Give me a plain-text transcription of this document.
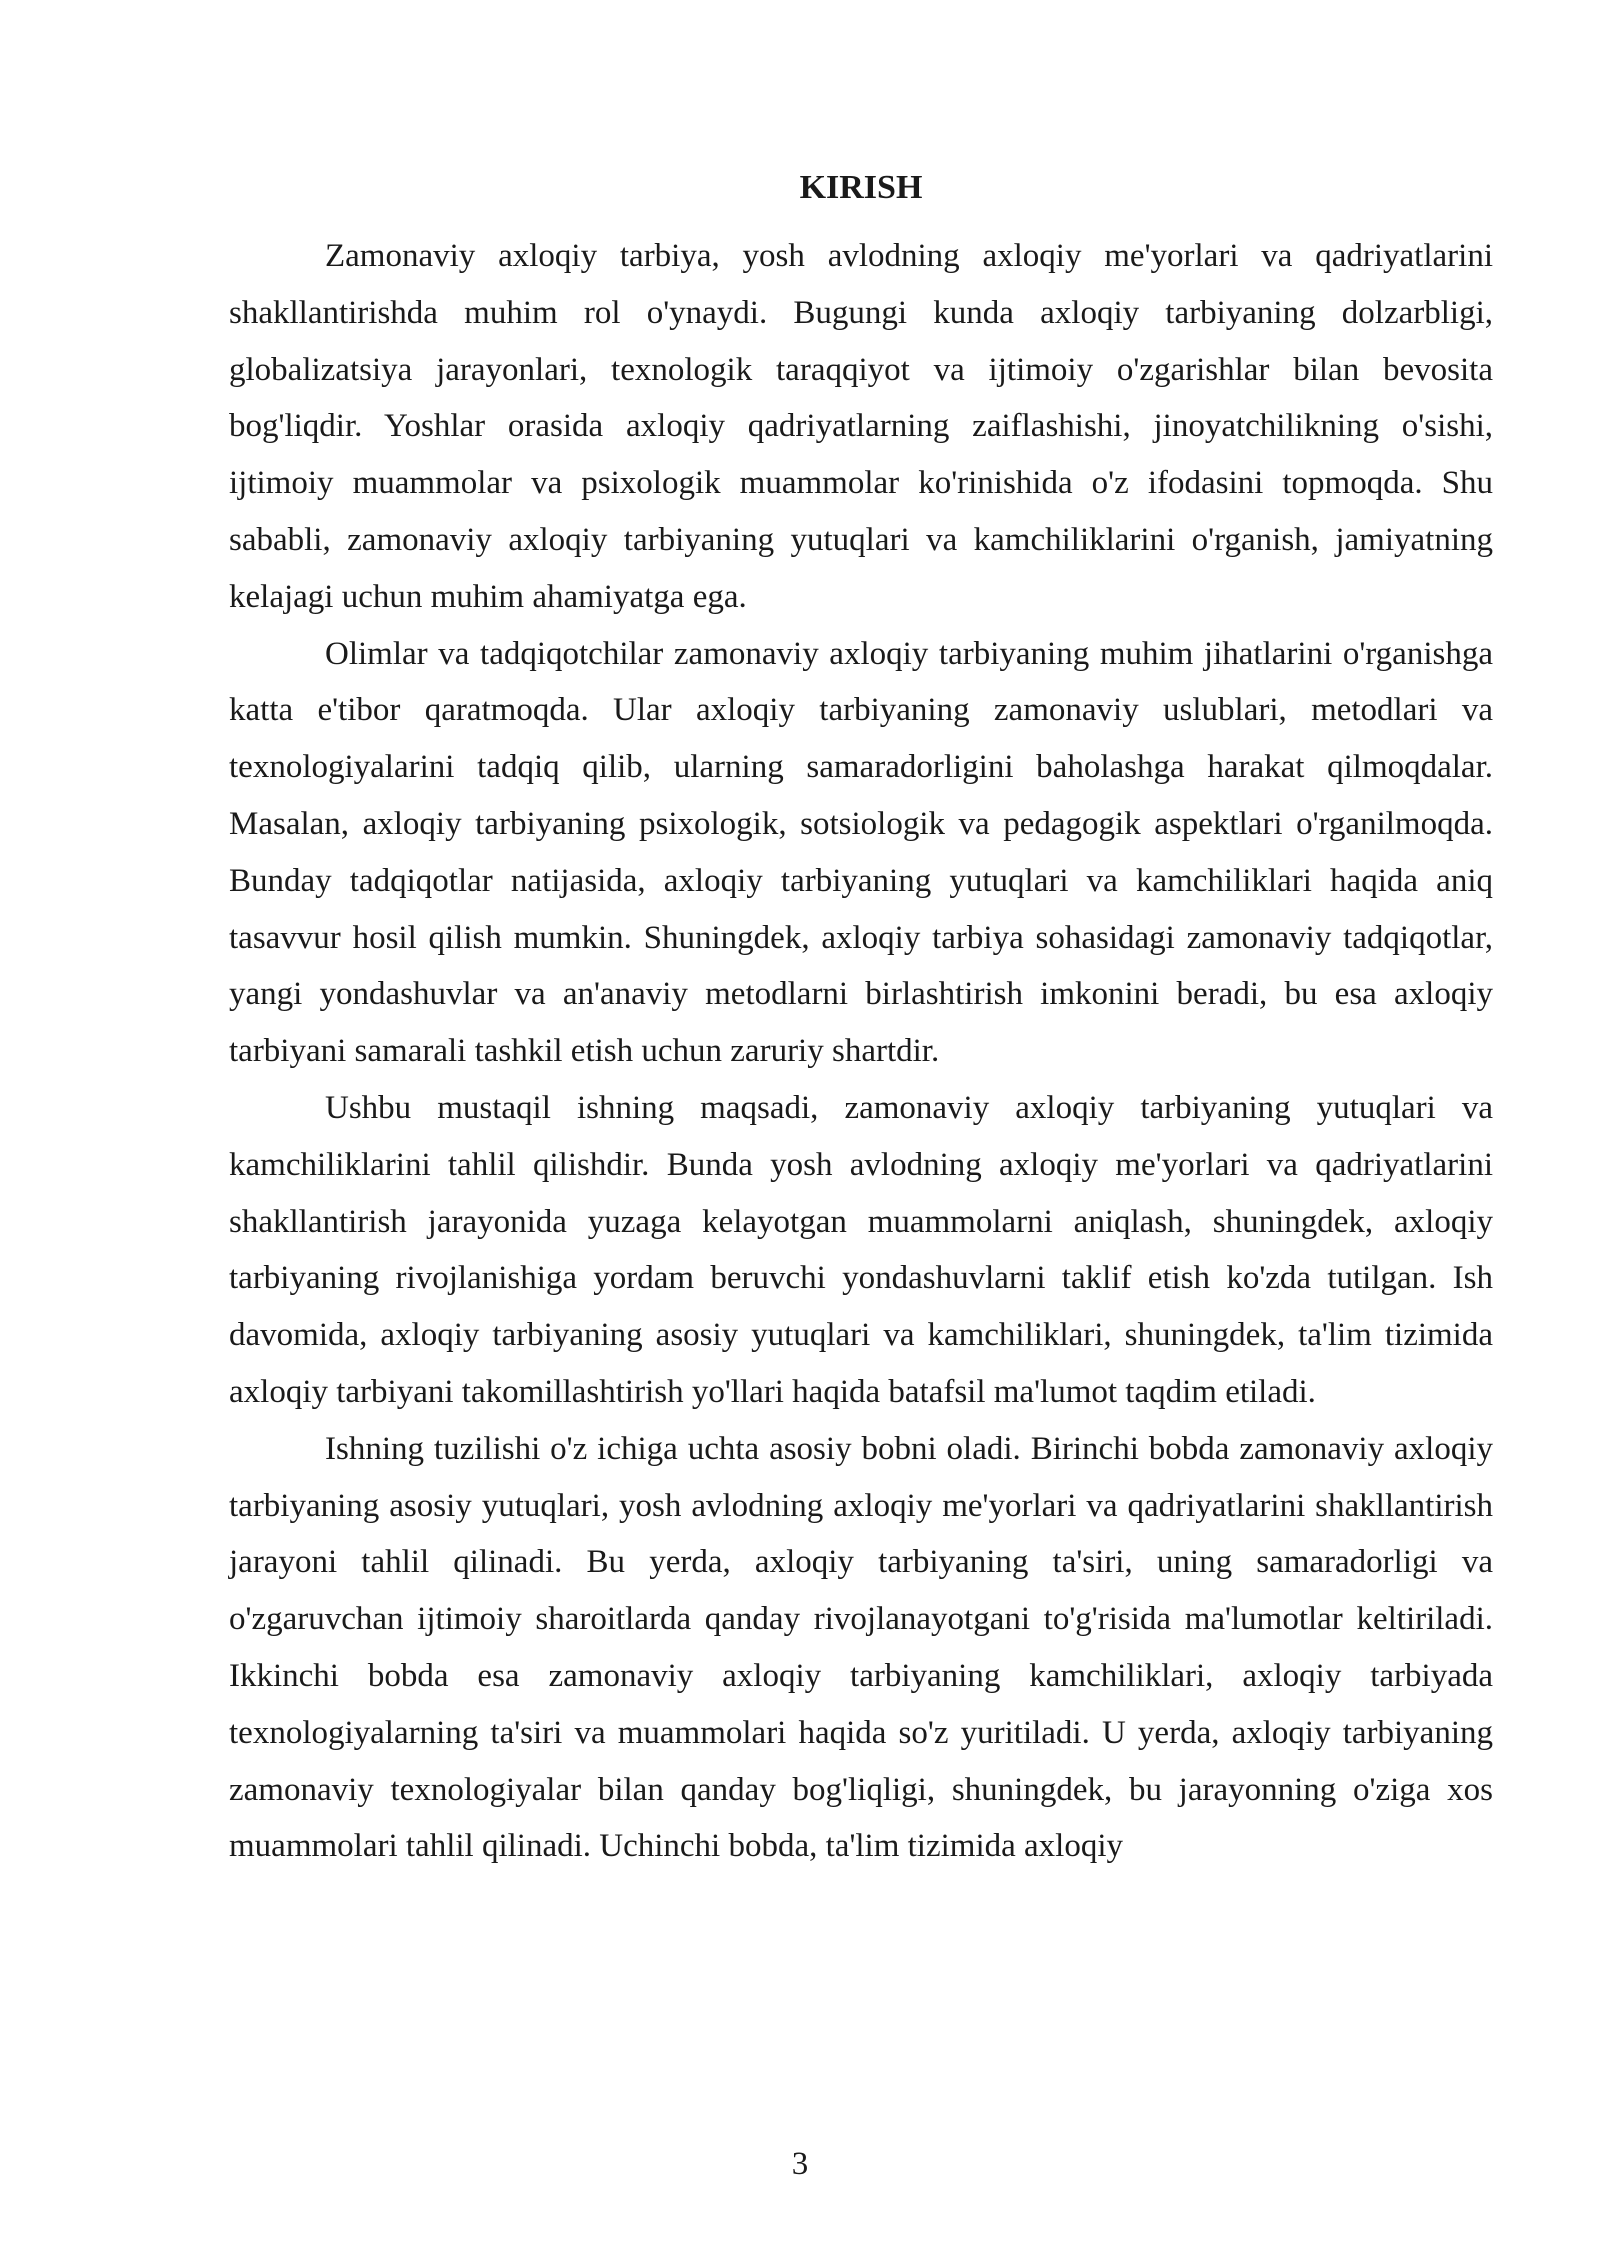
KIRISH

Zamonaviy axloqiy tarbiya, yosh avlodning axloqiy me'yorlari va qadriyatlarini shakllantirishda muhim rol o'ynaydi. Bugungi kunda axloqiy tarbiyaning dolzarbligi, globalizatsiya jarayonlari, texnologik taraqqiyot va ijtimoiy o'zgarishlar bilan bevosita bog'liqdir. Yoshlar orasida axloqiy qadriyatlarning zaiflashishi, jinoyatchilikning o'sishi, ijtimoiy muammolar va psixologik muammolar ko'rinishida o'z ifodasini topmoqda. Shu sababli, zamonaviy axloqiy tarbiyaning yutuqlari va kamchiliklarini o'rganish, jamiyatning kelajagi uchun muhim ahamiyatga ega.

Olimlar va tadqiqotchilar zamonaviy axloqiy tarbiyaning muhim jihatlarini o'rganishga katta e'tibor qaratmoqda. Ular axloqiy tarbiyaning zamonaviy uslublari, metodlari va texnologiyalarini tadqiq qilib, ularning samaradorligini baholashga harakat qilmoqdalar. Masalan, axloqiy tarbiyaning psixologik, sotsiologik va pedagogik aspektlari o'rganilmoqda. Bunday tadqiqotlar natijasida, axloqiy tarbiyaning yutuqlari va kamchiliklari haqida aniq tasavvur hosil qilish mumkin. Shuningdek, axloqiy tarbiya sohasidagi zamonaviy tadqiqotlar, yangi yondashuvlar va an'anaviy metodlarni birlashtirish imkonini beradi, bu esa axloqiy tarbiyani samarali tashkil etish uchun zaruriy shartdir.

Ushbu mustaqil ishning maqsadi, zamonaviy axloqiy tarbiyaning yutuqlari va kamchiliklarini tahlil qilishdir. Bunda yosh avlodning axloqiy me'yorlari va qadriyatlarini shakllantirish jarayonida yuzaga kelayotgan muammolarni aniqlash, shuningdek, axloqiy tarbiyaning rivojlanishiga yordam beruvchi yondashuvlarni taklif etish ko'zda tutilgan. Ish davomida, axloqiy tarbiyaning asosiy yutuqlari va kamchiliklari, shuningdek, ta'lim tizimida axloqiy tarbiyani takomillashtirish yo'llari haqida batafsil ma'lumot taqdim etiladi.

Ishning tuzilishi o'z ichiga uchta asosiy bobni oladi. Birinchi bobda zamonaviy axloqiy tarbiyaning asosiy yutuqlari, yosh avlodning axloqiy me'yorlari va qadriyatlarini shakllantirish jarayoni tahlil qilinadi. Bu yerda, axloqiy tarbiyaning ta'siri, uning samaradorligi va o'zgaruvchan ijtimoiy sharoitlarda qanday rivojlanayotgani to'g'risida ma'lumotlar keltiriladi. Ikkinchi bobda esa zamonaviy axloqiy tarbiyaning kamchiliklari, axloqiy tarbiyada texnologiyalarning ta'siri va muammolari haqida so'z yuritiladi. U yerda, axloqiy tarbiyaning zamonaviy texnologiyalar bilan qanday bog'liqligi, shuningdek, bu jarayonning o'ziga xos muammolari tahlil qilinadi. Uchinchi bobda, ta'lim tizimida axloqiy

3
